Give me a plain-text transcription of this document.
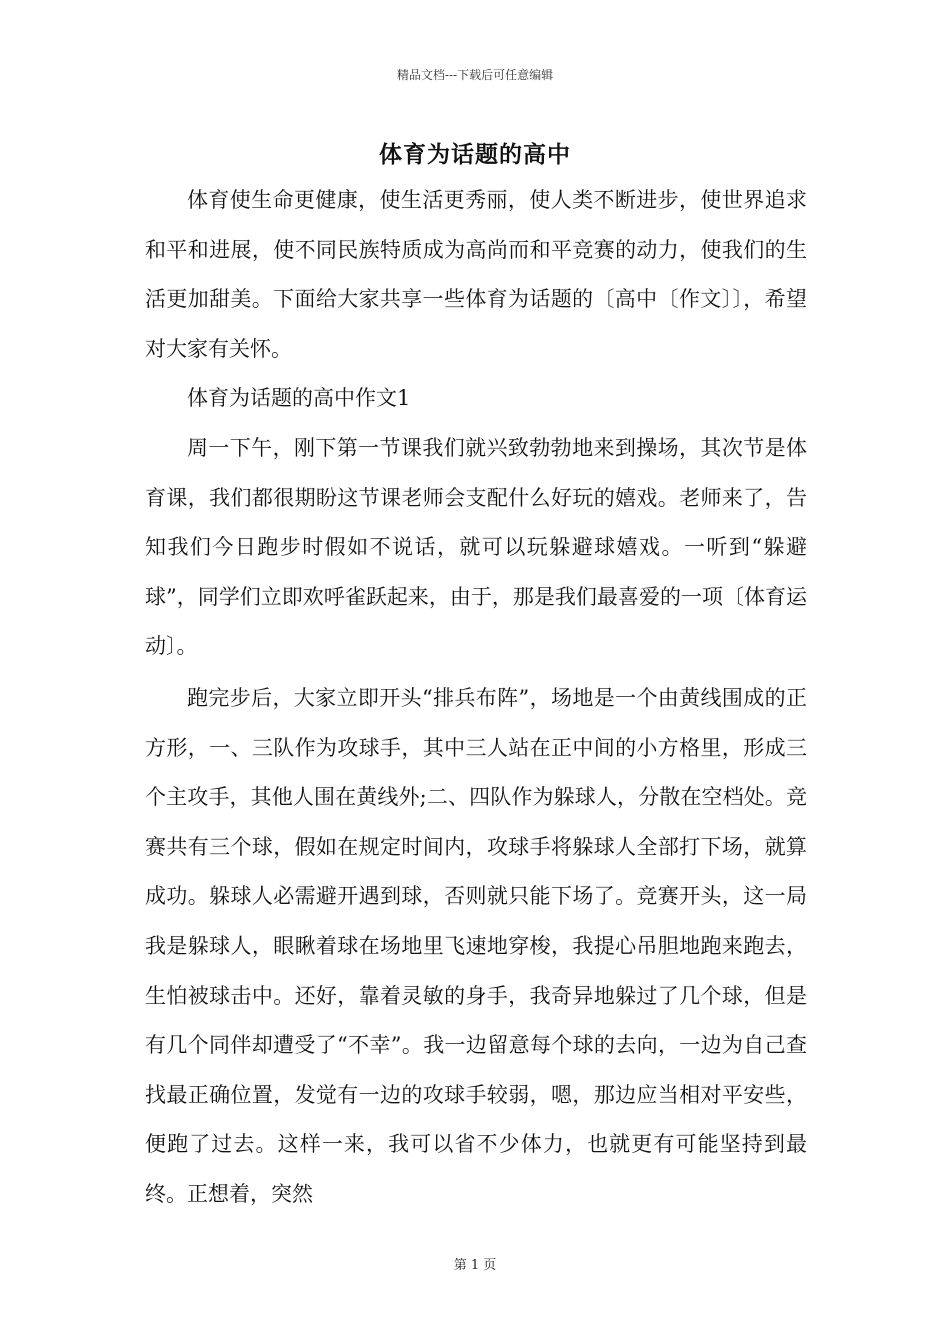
精品文档---下载后可任意编辑
体育为话题的高中

体育使生命更健康，使生活更秀丽，使人类不断进步，使世界追求和平和进展，使不同民族特质成为高尚而和平竞赛的动力，使我们的生活更加甜美。下面给大家共享一些体育为话题的〔高中〔作文〕〕，希望对大家有关怀。

体育为话题的高中作文1

周一下午，刚下第一节课我们就兴致勃勃地来到操场，其次节是体育课，我们都很期盼这节课老师会支配什么好玩的嬉戏。老师来了，告知我们今日跑步时假如不说话，就可以玩躲避球嬉戏。一听到“躲避球”，同学们立即欢呼雀跃起来，由于，那是我们最喜爱的一项〔体育运动〕。

跑完步后，大家立即开头“排兵布阵”，场地是一个由黄线围成的正方形，一、三队作为攻球手，其中三人站在正中间的小方格里，形成三个主攻手，其他人围在黄线外;二、四队作为躲球人，分散在空档处。竞赛共有三个球，假如在规定时间内，攻球手将躲球人全部打下场，就算成功。躲球人必需避开遇到球，否则就只能下场了。竞赛开头，这一局我是躲球人，眼瞅着球在场地里飞速地穿梭，我提心吊胆地跑来跑去，生怕被球击中。还好，靠着灵敏的身手，我奇异地躲过了几个球，但是有几个同伴却遭受了“不幸”。我一边留意每个球的去向，一边为自己查找最正确位置，发觉有一边的攻球手较弱，嗯，那边应当相对平安些，便跑了过去。这样一来，我可以省不少体力，也就更有可能坚持到最终。正想着，突然

第 1 页
